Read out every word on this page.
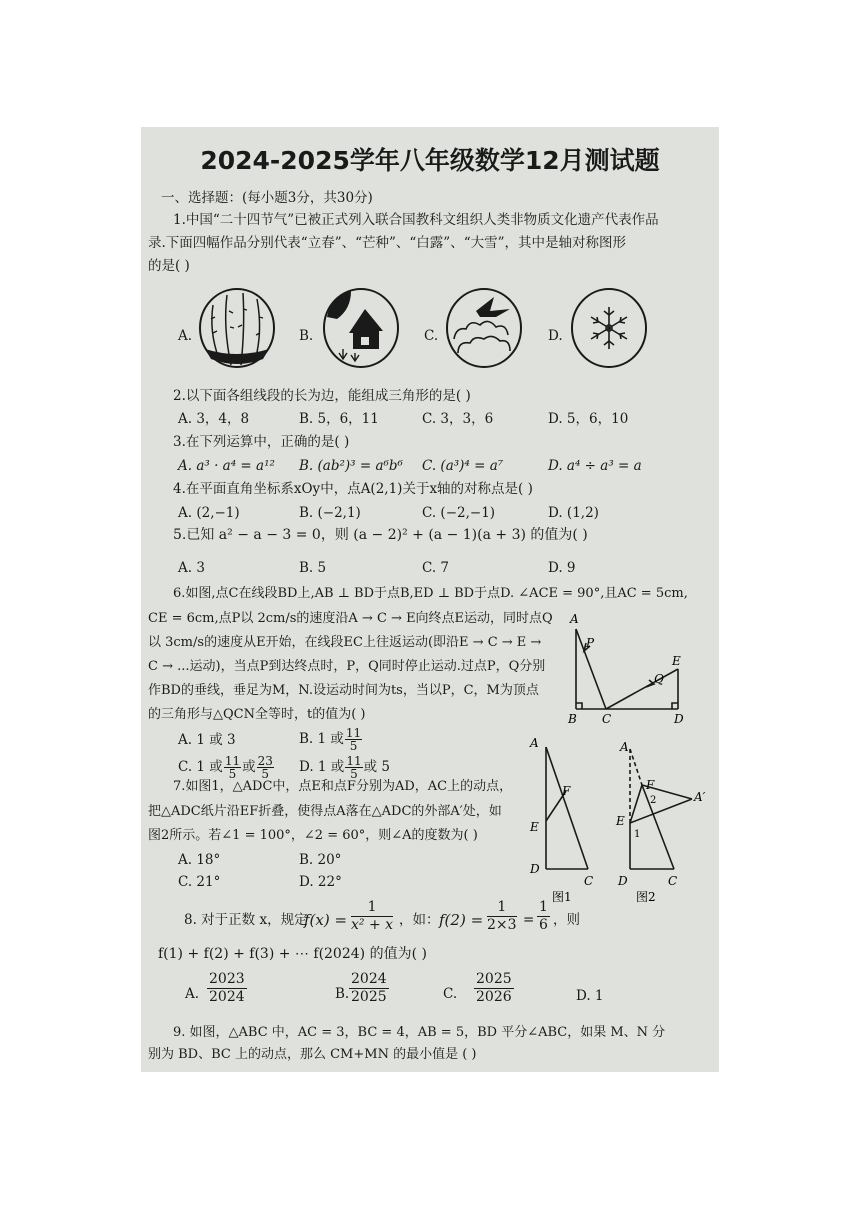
2024-2025学年八年级数学12月测试题
一、选择题：(每小题3分，共30分)
1.中国“二十四节气”已被正式列入联合国教科文组织人类非物质文化遗产代表作品
录.下面四幅作品分别代表“立春”、“芒种”、“白露”、“大雪”，其中是轴对称图形
的是( )
A.	B.	C.	D.
2.以下面各组线段的长为边，能组成三角形的是( )
A. 3，4，8	B. 5，6，11	C. 3，3，6	D. 5，6，10
3.在下列运算中，正确的是( )
A. a³ · a⁴ = a¹² B. (ab²)³ = a⁶b⁶ C. (a³)⁴ = a⁷	D. a⁴ ÷ a³ = a
4.在平面直角坐标系xOy中，点A(2,1)关于x轴的对称点是( )
A. (2,−1)	B. (−2,1)	C. (−2,−1)	D. (1,2)
5.已知 a² − a − 3 = 0，则 (a − 2)² + (a − 1)(a + 3) 的值为( )
A. 3	B. 5	C. 7	D. 9
6.如图,点C在线段BD上,AB ⊥ BD于点B,ED ⊥ BD于点D. ∠ACE = 90°,且AC = 5cm,
CE = 6cm,点P以 2cm/s的速度沿A → C → E向终点E运动，同时点Q
以 3cm/s的速度从E开始，在线段EC上往返运动(即沿E → C → E →
C → ...运动)，当点P到达终点时，P，Q同时停止运动.过点P，Q分别
作BD的垂线，垂足为M，N.设运动时间为ts，当以P，C，M为顶点
的三角形与△QCN全等时，t的值为( )
A. 1 或 3	B. 1 或 $\frac{11}{5}$
C. 1 或 $\frac{11}{5}$ 或 $\frac{23}{5} D$. 1 或 $\frac{11}{5}$ 或 5
A
P
Q
E
B C	D
7.如图1，△ADC中，点E和点F分别为AD，AC上的动点，
把△ADC纸片沿EF折叠，使得点A落在△ADC的外部A′处，如
图2所示。若∠1 = 100°，∠2 = 60°，则∠A的度数为( )
A. 18°	B. 20°
C. 21°	D. 22°
A
F
E
D
C
图1
A
F
2	A′
E
1
D	C
图2
8. 对于正数 x，规定
$f(x) = \frac{1}{\text{x² + x}}$ ，如： $f(2) = \frac{1}{2\times 3} = \frac{1}{6}$ ，则
f(1) + f(2) + f(3) + ⋯ f(2024) 的值为( )
A. $\frac{2023}{2024}$	B. $\frac{2024}{2025}$	C. $\frac{2025}{2026}$	D. 1
9. 如图，△ABC 中，AC = 3，BC = 4，AB = 5，BD 平分∠ABC，如果 M、N 分
别为 BD、BC 上的动点，那么 CM+MN 的最小值是 ( )
